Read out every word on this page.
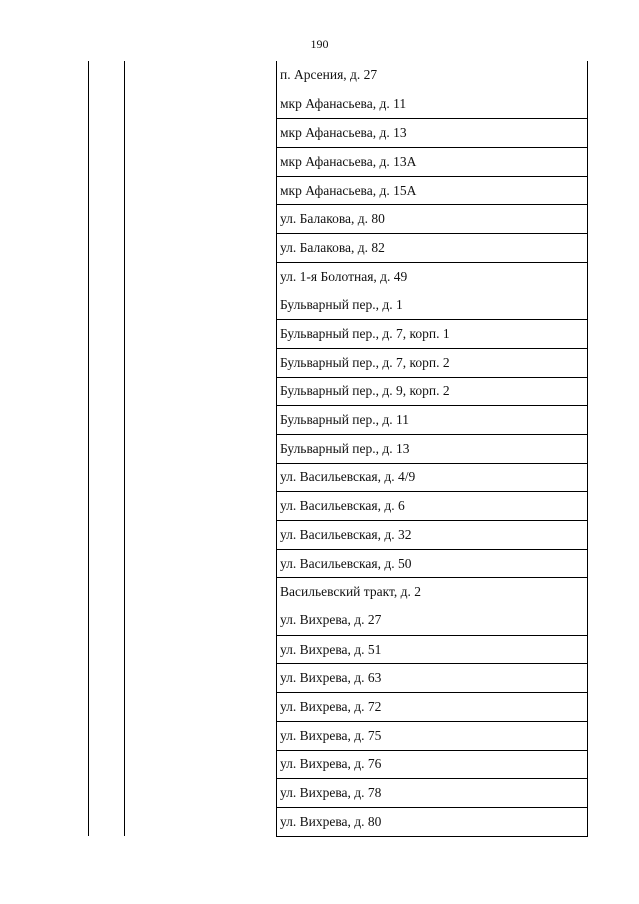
190
п. Арсения, д. 27
мкр Афанасьева, д. 11
мкр Афанасьева, д. 13
мкр Афанасьева, д. 13А
мкр Афанасьева, д. 15А
ул. Балакова, д. 80
ул. Балакова, д. 82
ул. 1-я Болотная, д. 49
Бульварный пер., д. 1
Бульварный пер., д. 7, корп. 1
Бульварный пер., д. 7, корп. 2
Бульварный пер., д. 9, корп. 2
Бульварный пер., д. 11
Бульварный пер., д. 13
ул. Васильевская, д. 4/9
ул. Васильевская, д. 6
ул. Васильевская, д. 32
ул. Васильевская, д. 50
Васильевский тракт, д. 2
ул. Вихрева, д. 27
ул. Вихрева, д. 51
ул. Вихрева, д. 63
ул. Вихрева, д. 72
ул. Вихрева, д. 75
ул. Вихрева, д. 76
ул. Вихрева, д. 78
ул. Вихрева, д. 80
